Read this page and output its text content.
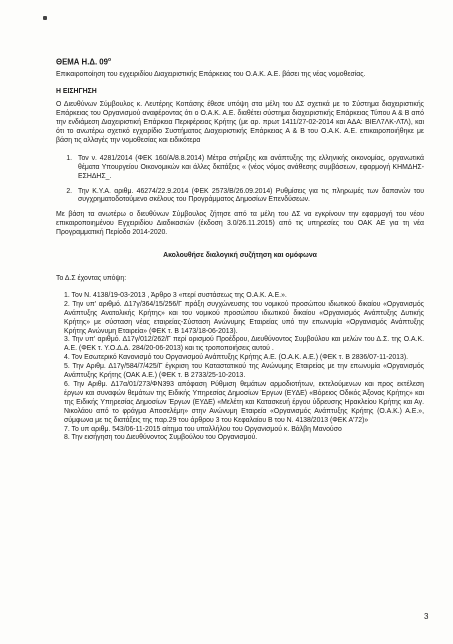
ΘΕΜΑ Η.Δ. $09^o$

Επικαιροποίηση του εγχειριδίου Διαχειριστικής Επάρκειας του Ο.Α.Κ. Α.Ε. βάσει της νέας νομοθεσίας.

Η ΕΙΣΗΓΗΣΗ

Ο Διευθύνων Σύμβουλος κ. Λευτέρης Κοπάσης έθεσε υπόψη στα μέλη του ΔΣ σχετικά με το Σύστημα διαχειριστικής Επάρκειας του Οργανισμού αναφέροντας ότι ο Ο.Α.Κ. Α.Ε. διαθέτει σύστημα διαχειριστικής Επάρκειας Τύπου Α & Β από την ενδιάμεση Διαχειριστική Επάρκεια Περιφέρειας Κρήτης (με αρ. πρωτ 1411/27-02-2014 και ΑΔΑ: ΒΙΕΛ7ΛΚ-ΛΤΛ), και ότι το ανωτέρω σχετικό εγχειρίδιο Συστήματος Διαχειριστικής Επάρκειας Α & Β του Ο.Α.Κ. Α.Ε. επικαιροποιήθηκε με βάση τις αλλαγές την νομοθεσίας και ειδικότερα

1. Τον ν. 4281/2014 (ΦΕΚ 160/Α/8.8.2014) Μέτρα στήριξης και ανάπτυξης της ελληνικής οικονομίας, οργανωτικά θέματα Υπουργείου Οικονομικών και άλλες διατάξεις « (νέος νόμος ανάθεσης συμβάσεων, εφαρμογή ΚΗΜΔΗΣ- ΕΣΗΔΗΣ_.
2. Την Κ.Υ.Α. αριθμ. 46274/22.9.2014 (ΦΕΚ 2573/Β/26.09.2014) Ρυθμίσεις για τις πληρωμές των δαπανών του συγχρηματοδοτούμενο σκέλους του Προγράμματος Δημοσίων Επενδύσεων.

Με βάση τα ανωτέρω ο διευθύνων Σύμβουλος ζήτησε από τα μέλη του ΔΣ να εγκρίνουν την εφαρμογή του νέου επικαιροποιημένου Εγχειριδίου Διαδικασιών (έκδοση 3.0/26.11.2015) από τις υπηρεσίες του ΟΑΚ ΑΕ για τη νέα Προγραμματική Περίοδο 2014-2020.

Ακολουθήσε διαλογική συζήτηση και ομόφωνα
Το Δ.Σ έχοντας υπόψη:
1. Τον Ν. 4138/19-03-2013 , Άρθρο 3 «περί συστάσεως της Ο.Α.Κ. Α.Ε.».
2. Την υπ' αριθμό. Δ17γ/364/15/256/Γ πράξη συγχώνευσης του νομικού προσώπου ιδιωτικού δικαίου «Οργανισμός Ανάπτυξης Ανατολικής Κρήτης» και του νομικού προσώπου ιδιωτικού δικαίου «Οργανισμός Ανάπτυξης Δυτικής Κρήτης» με σύσταση νέας εταιρείας-Σύσταση Ανώνυμης Εταιρείας υπό την επωνυμία «Οργανισμός Ανάπτυξης Κρήτης Ανώνυμη Εταιρεία» (ΦΕΚ τ. Β 1473/18-06-2013).
3. Την υπ' αριθμό. Δ17γ/012/262/Γ περί ορισμού Προέδρου, Διευθύνοντος Συμβούλου και μελών του Δ.Σ. της Ο.Α.Κ. Α.Ε. (ΦΕΚ τ. Υ.Ο.Δ.Δ. 284/20-06-2013) και τις τροποποιήσεις αυτού .
4. Τον Εσωτερικό Κανονισμό του Οργανισμού Ανάπτυξης Κρήτης Α.Ε. (Ο.Α.Κ. Α.Ε.) (ΦΕΚ τ. Β 2836/07-11-2013).
5. Την Αριθμ. Δ17γ/584/7/425/Γ έγκριση του Καταστατικού της Ανώνυμης Εταιρείας με την επωνυμία «Οργανισμός Ανάπτυξης Κρήτης (ΟΑΚ Α.Ε.) (ΦΕΚ τ. Β 2733/25-10-2013.
6. Την Αριθμ. Δ17α/01/273/ΦΝ393 απόφαση Ρύθμιση θεμάτων αρμοδιοτήτων, εκτελούμενων και προς εκτέλεση έργων και συναφών θεμάτων της Ειδικής Υπηρεσίας Δημοσίων Έργων (ΕΥΔΕ) «Βόρειος Οδικός Άξονας Κρήτης» και της Ειδικής Υπηρεσίας Δημοσίων Έργων (ΕΥΔΕ) «Μελέτη και Κατασκευή έργου ύδρευσης Ηρακλείου Κρήτης και Αγ. Νικολάου από το φράγμα Αποσελέμη» στην Ανώνυμη Εταιρεία «Οργανισμός Ανάπτυξης Κρήτης (Ο.Α.Κ.) Α.Ε.», σύμφωνα με τις διατάξεις της παρ.29 του άρθρου 3 του Κεφαλαίου Β του Ν. 4138/2013 (ΦΕΚ Α'72)»
7. Το υπ αριθμ. 543/06-11-2015 αίτημα του υπαλλήλου του Οργανισμού κ. Βάλβη Μανούσο
8. Την εισήγηση του Διευθύνοντος Συμβούλου του Οργανισμού.
3
